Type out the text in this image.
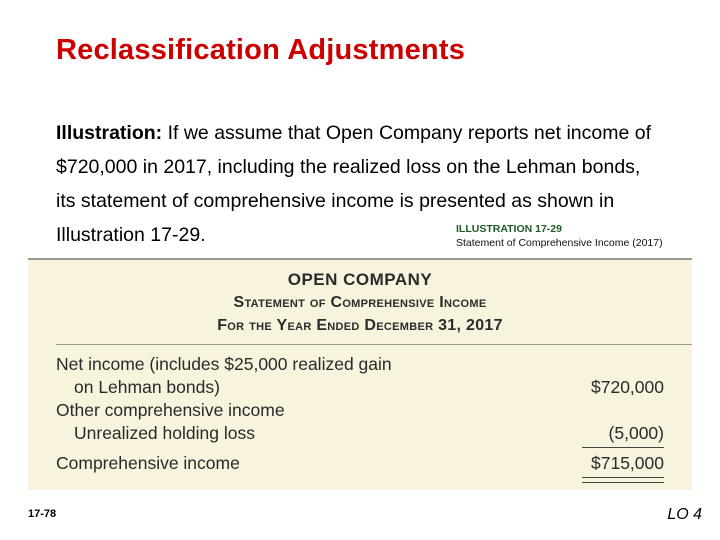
Reclassification Adjustments
Illustration: If we assume that Open Company reports net income of $720,000 in 2017, including the realized loss on the Lehman bonds, its statement of comprehensive income is presented as shown in Illustration 17-29.	ILLUSTRATION 17-29
Statement of Comprehensive Income (2017)
OPEN COMPANY
Statement of Comprehensive Income
For the Year Ended December 31, 2017
Net income (includes $25,000 realized gain
on Lehman bonds)	$720,000
Other comprehensive income
Unrealized holding loss	(5,000)
Comprehensive income	$715,000
17-78	LO 4
